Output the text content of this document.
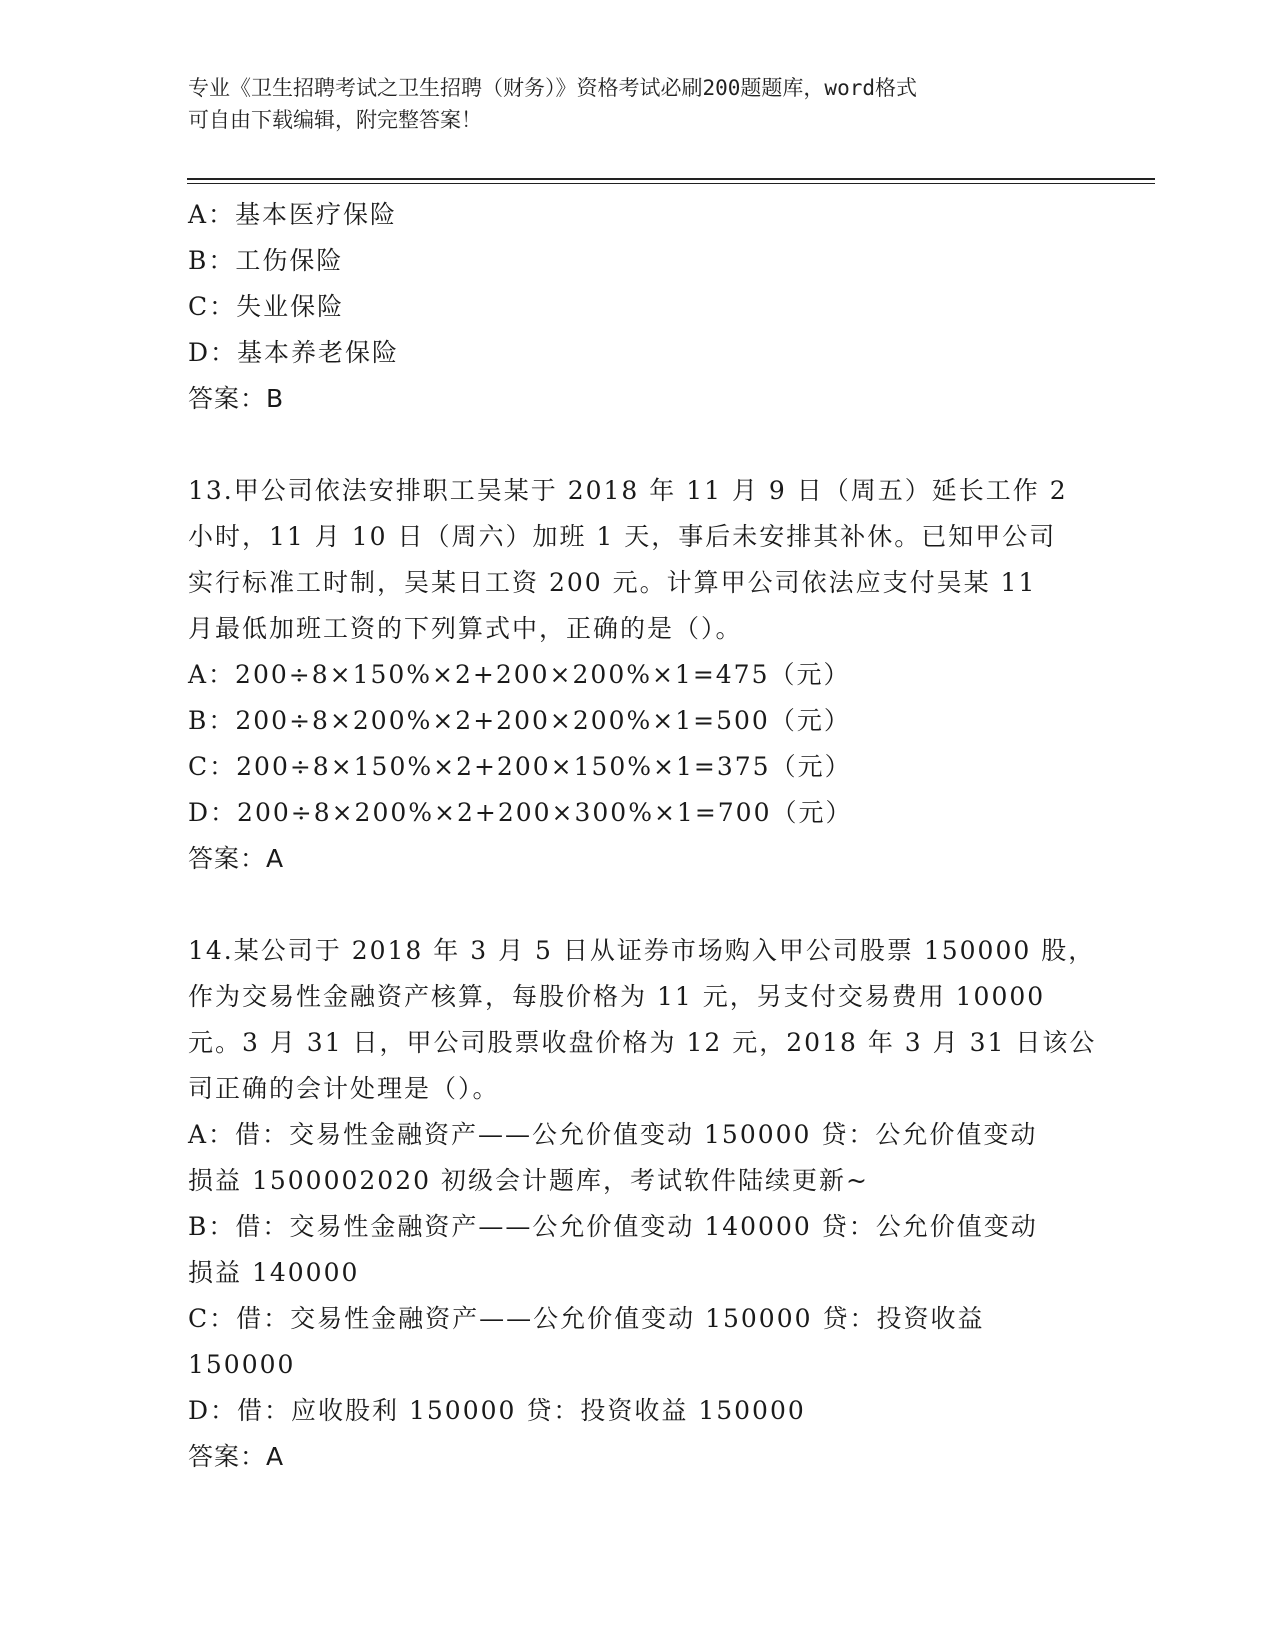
专业《卫生招聘考试之卫生招聘（财务）》资格考试必刷200题题库，word格式
可自由下载编辑，附完整答案！
A：基本医疗保险
B：工伤保险
C：失业保险
D：基本养老保险
答案：B
13.甲公司依法安排职工吴某于 2018 年 11 月 9 日（周五）延长工作 2
小时，11 月 10 日（周六）加班 1 天，事后未安排其补休。已知甲公司
实行标准工时制，吴某日工资 200 元。计算甲公司依法应支付吴某 11
月最低加班工资的下列算式中，正确的是（）。
A：200÷8×150%×2+200×200%×1=475（元）
B：200÷8×200%×2+200×200%×1=500（元）
C：200÷8×150%×2+200×150%×1=375（元）
D：200÷8×200%×2+200×300%×1=700（元）
答案：A
14.某公司于 2018 年 3 月 5 日从证券市场购入甲公司股票 150000 股，
作为交易性金融资产核算，每股价格为 11 元，另支付交易费用 10000
元。3 月 31 日，甲公司股票收盘价格为 12 元，2018 年 3 月 31 日该公
司正确的会计处理是（）。
A：借：交易性金融资产——公允价值变动 150000 贷：公允价值变动
损益 1500002020 初级会计题库，考试软件陆续更新~
B：借：交易性金融资产——公允价值变动 140000 贷：公允价值变动
损益 140000
C：借：交易性金融资产——公允价值变动 150000 贷：投资收益
150000
D：借：应收股利 150000 贷：投资收益 150000
答案：A
